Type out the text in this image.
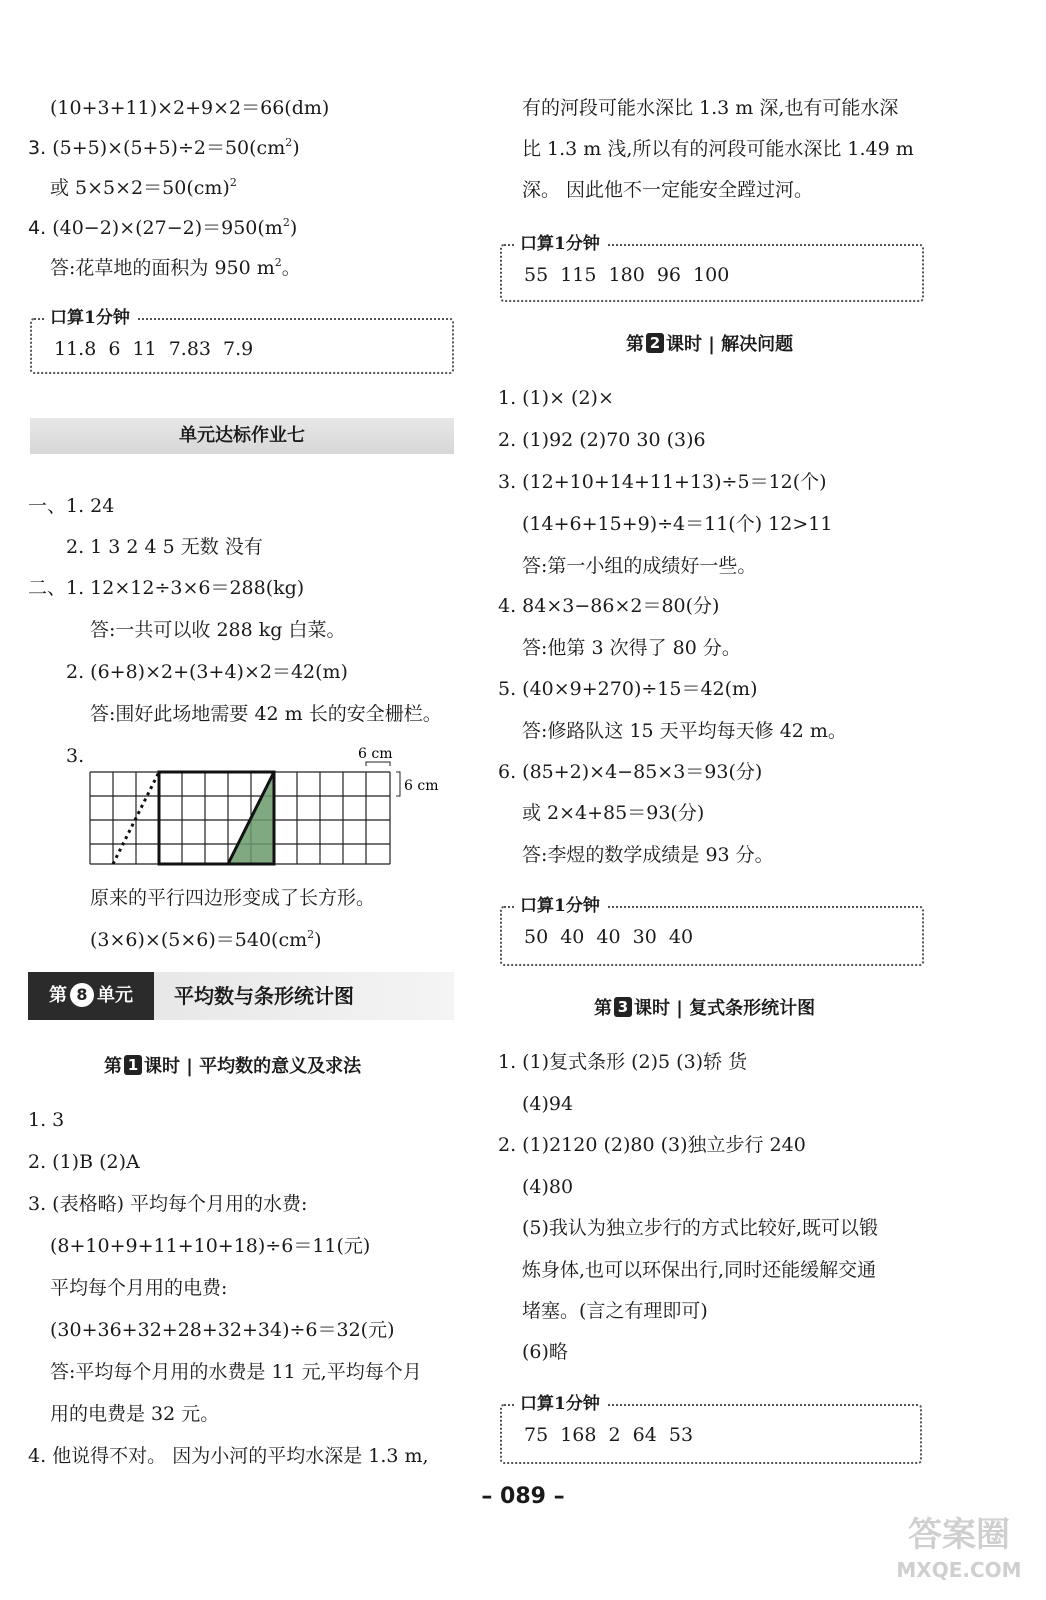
(10+3+11)×2+9×2＝66(dm)
3. $(5+5)\times(5+5)\div 2=50(cm^2)$
或 5×5×2＝50(cm)$^2$
4. $(40-2)\times(27-2)=950(m^2)$
答:花草地的面积为 950 $m^2$。
口算1分钟
11.8 6 11 7.83 7.9
单元达标作业七
一、1. 24
2. 1 3 2 4 5 无数 没有
二、1. 12×12÷3×6＝288(kg)
答:一共可以收 288 kg 白菜。
2. (6+8)×2+(3+4)×2＝42(m)
答:围好此场地需要 42 m 长的安全栅栏。
3.	6 cm
6 cm
原来的平行四边形变成了长方形。
$(3\times 6)\times(5\times 6)=540(cm^2)$
第 8 单元	平均数与条形统计图
第 1 课时 | 平均数的意义及求法
1. 3
2. (1)B (2)A
3. (表格略) 平均每个月用的水费:
(8+10+9+11+10+18)÷6＝11(元)
平均每个月用的电费:
(30+36+32+28+32+34)÷6＝32(元)
答:平均每个月用的水费是 11 元,平均每个月
用的电费是 32 元。
4. 他说得不对。 因为小河的平均水深是 1.3 m,
有的河段可能水深比 1.3 m 深,也有可能水深
比 1.3 m 浅,所以有的河段可能水深比 1.49 m
深。 因此他不一定能安全蹚过河。
口算1分钟
55 115 180 96 100
第 2 课时 | 解决问题
1. (1)× (2)×
2. (1)92 (2)70 30 (3)6
3. (12+10+14+11+13)÷5＝12(个)
(14+6+15+9)÷4＝11(个) 12>11
答:第一小组的成绩好一些。
4. 84×3−86×2＝80(分)
答:他第 3 次得了 80 分。
5. (40×9+270)÷15＝42(m)
答:修路队这 15 天平均每天修 42 m。
6. (85+2)×4−85×3＝93(分)
或 2×4+85＝93(分)
答:李煜的数学成绩是 93 分。
口算1分钟
50 40 40 30 40
第 3 课时 | 复式条形统计图
1. (1)复式条形 (2)5 (3)轿 货
(4)94
2. (1)2120 (2)80 (3)独立步行 240
(4)80
(5)我认为独立步行的方式比较好,既可以锻
炼身体,也可以环保出行,同时还能缓解交通
堵塞。(言之有理即可)
(6)略
口算1分钟
75 168 2 64 53
– 089 –
答案圈
MXQE.COM
